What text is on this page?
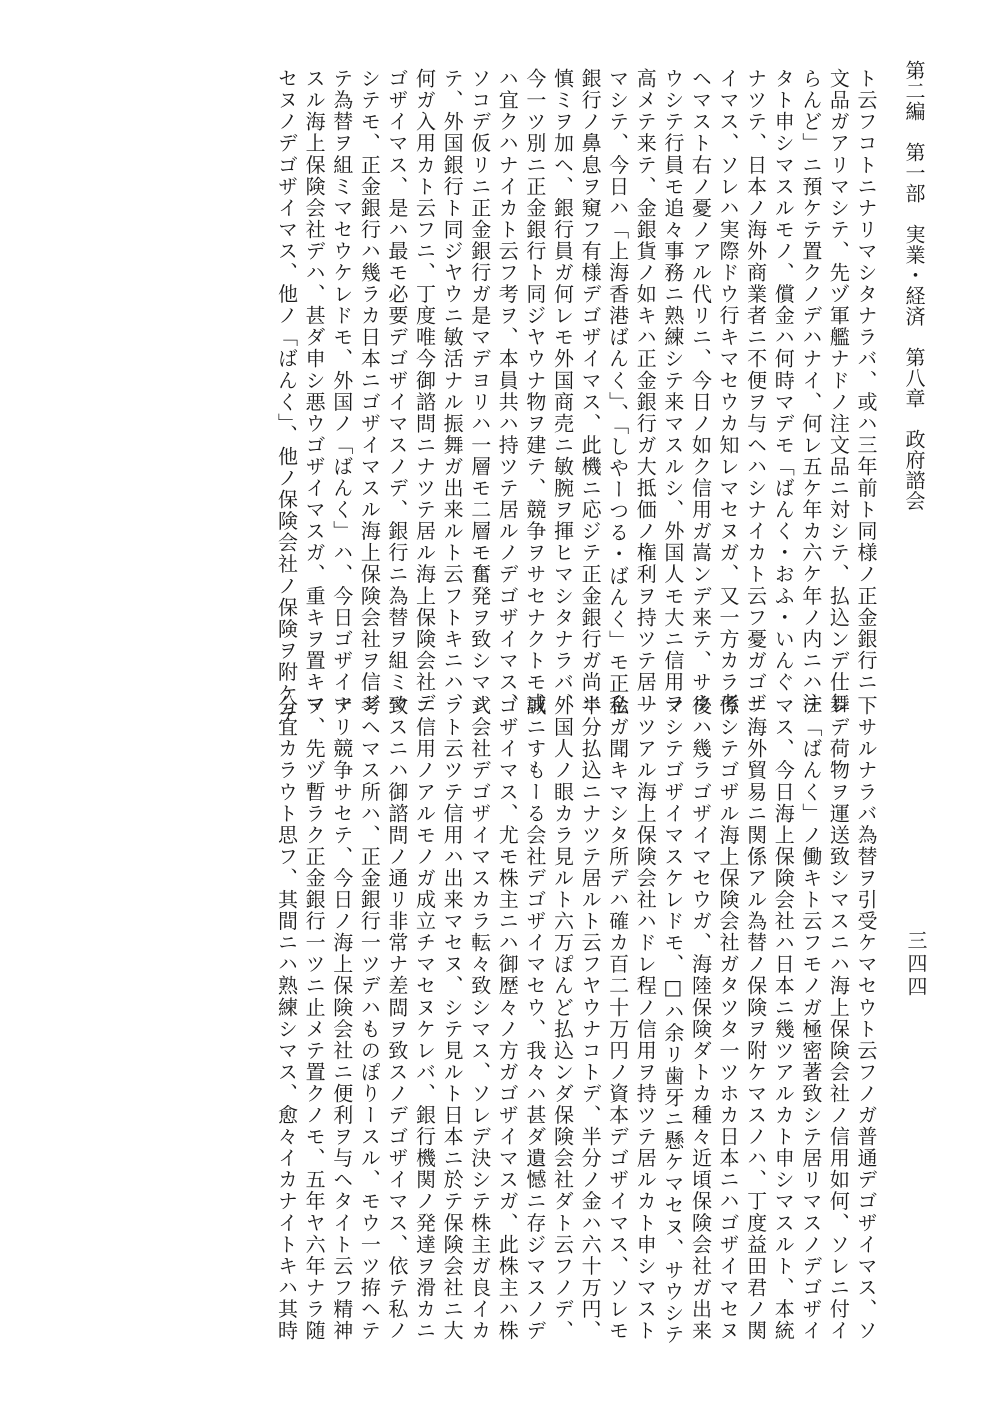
第二編　第一部　実業・経済　第八章　政府諮会
三四四
ト云フコトニナリマシタナラバ、或ハ三年前ト同様ノ正金銀行ニ
文品ガアリマシテ、先ヅ軍艦ナドノ注文品ニ対シテ、払込ンデ仕舞
らんど」ニ預ケテ置クノデハナイ、何レ五ケ年カ六ケ年ノ内ニハ注
タト申シマスルモノ、償金ハ何時マデモ「ばんく・おふ・いんぐ
ナツテ、日本ノ海外商業者ニ不便ヲ与ヘハシナイカト云フ憂ガゴザ
イマス、ソレハ実際ドウ行キマセウカ知レマセヌガ、又一方カラ考
ヘマスト右ノ憂ノアル代リニ、今日ノ如ク信用ガ嵩ンデ来テ、サウ
ウシテ行員モ追々事務ニ熟練シテ来マスルシ、外国人モ大ニ信用ヲ
高メテ来テ、金銀貨ノ如キハ正金銀行ガ大抵価ノ権利ヲ持ツテ居リ
マシテ、今日ハ「上海香港ばんく」、「しやーつる・ばんく」モ正金
銀行ノ鼻息ヲ窺フ有様デゴザイマス、此機ニ応ジテ正金銀行ガ尚ホ
慎ミヲ加ヘ、銀行員ガ何レモ外国商売ニ敏腕ヲ揮ヒマシタナラバ、
今一ツ別ニ正金銀行ト同ジヤウナ物ヲ建テ、競争ヲサセナクトモ或
ハ宜クハナイカト云フ考ヲ、本員共ハ持ツテ居ルノデゴザイマス、
ソコデ仮リニ正金銀行ガ是マデヨリハ一層モ二層モ奮発ヲ致シマシ
テ、外国銀行ト同ジヤウニ敏活ナル振舞ガ出来ルト云フトキニハ、
何ガ入用カト云フニ、丁度唯今御諮問ニナツテ居ル海上保険会社デ
ゴザイマス、是ハ最モ必要デゴザイマスノデ、銀行ニ為替ヲ組ミマ
シテモ、正金銀行ハ幾ラカ日本ニゴザイマスル海上保険会社ヲ信ジ
テ為替ヲ組ミマセウケレドモ、外国ノ「ばんく」ハ、今日ゴザイマ
スル海上保険会社デハ、甚ダ申シ悪ウゴザイマスガ、重キヲ置キマ
セヌノデゴザイマス、他ノ「ばんく」、他ノ保険会社ノ保険ヲ附ケテ
下サルナラバ為替ヲ引受ケマセウト云フノガ普通デゴザイマス、ソ
レデ荷物ヲ運送致シマスニハ海上保険会社ノ信用如何、ソレニ付イ
テ「ばんく」ノ働キト云フモノガ極密著致シテ居リマスノデゴザイ
マス、今日海上保険会社ハ日本ニ幾ツアルカト申シマスルト、本統
ニ海外貿易ニ関係アル為替ノ保険ヲ附ケマスノハ、丁度益田君ノ関
係シテゴザル海上保険会社ガタツタ一ツホカ日本ニハゴザイマセヌ
後ハ幾ラゴザイマセウガ、海陸保険ダトカ種々近頃保険会社ガ出来
マシテゴザイマスケレドモ、□ハ余リ歯牙ニ懸ケマセヌ、サウシテ
一ツアル海上保険会社ハドレ程ノ信用ヲ持ツテ居ルカト申シマスト
私ガ聞キマシタ所デハ確カ百二十万円ノ資本デゴザイマス、ソレモ
半分払込ニナツテ居ルト云フヤウナコトデ、半分ノ金ハ六十万円、
外国人ノ眼カラ見ルト六万ぽんど払込ンダ保険会社ダト云フノデ、
誠ニすもーる会社デゴザイマセウ、我々ハ甚ダ遺憾ニ存ジマスノデ
ゴザイマス、尤モ株主ニハ御歴々ノ方ガゴザイマスガ、此株主ハ株
式会社デゴザイマスカラ転々致シマス、ソレデ決シテ株主ガ良イカ
ラト云ツテ信用ハ出来マセヌ、シテ見ルト日本ニ於テ保険会社ニ大
ニ信用ノアルモノガ成立チマセヌケレバ、銀行機関ノ発達ヲ滑カニ
致スニハ御諮問ノ通リ非常ナ差閊ヲ致スノデゴザイマス、依テ私ノ
考ヘマス所ハ、正金銀行一ツデハものぽりースル、モウ一ツ拵ヘテ
ナリ競争サセテ、今日ノ海上保険会社ニ便利ヲ与ヘタイト云フ精神
ヲ、先ヅ暫ラク正金銀行一ツニ止メテ置クノモ、五年ヤ六年ナラ随
分宜カラウト思フ、其間ニハ熟練シマス、愈々イカナイトキハ其時
